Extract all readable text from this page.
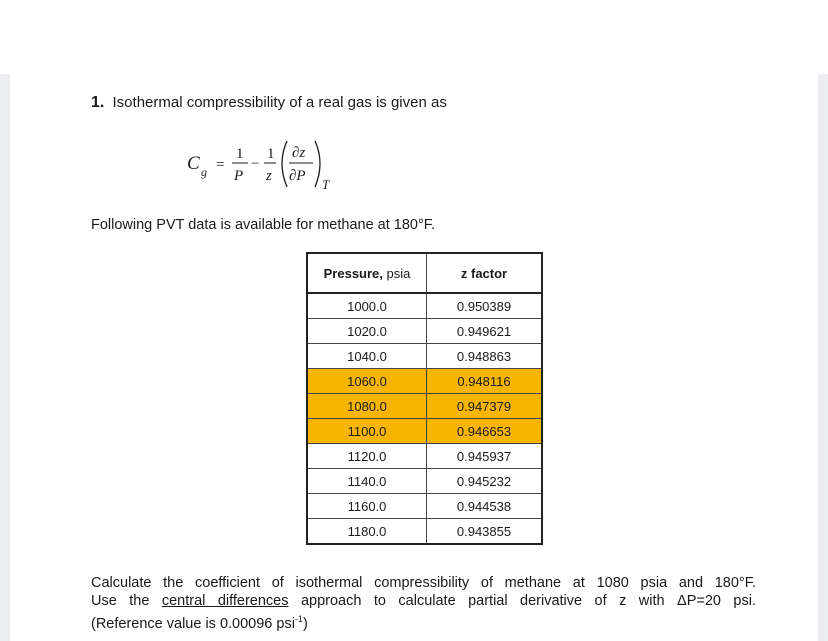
1. Isothermal compressibility of a real gas is given as
C g =
1
P
−
1
z
∂z
∂P
T
Following PVT data is available for methane at 180°F.
Pressure, psia	z factor
1000.0	0.950389
1020.0	0.949621
1040.0	0.948863
1060.0	0.948116
1080.0	0.947379
1100.0	0.946653
1120.0	0.945937
1140.0	0.945232
1160.0	0.944538
1180.0	0.943855
Calculate the coefficient of isothermal compressibility of methane at 1080 psia and 180°F.
Use the central differences approach to calculate partial derivative of z with ΔP=20 psi.
(Reference value is 0.00096 psi$^{-1}$)
